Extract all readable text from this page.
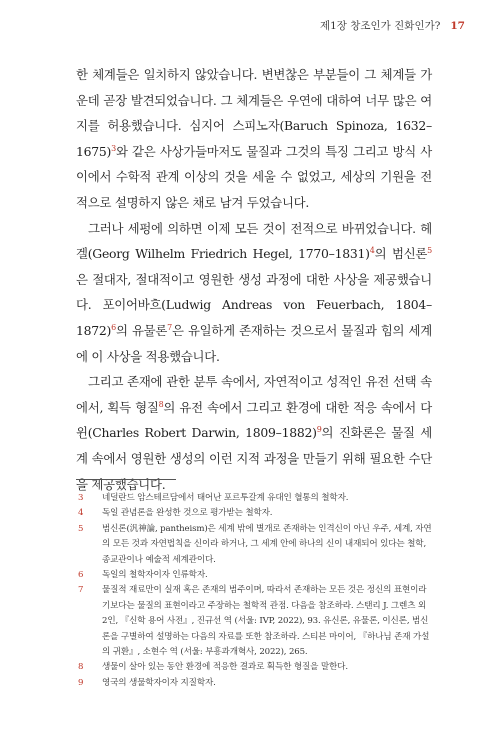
제1장 창조인가 진화인가? 17

한 체계들은 일치하지 않았습니다. 변변찮은 부분들이 그 체계들 가운데 곧장 발견되었습니다. 그 체계들은 우연에 대하여 너무 많은 여지를 허용했습니다. 심지어 스피노자(Baruch Spinoza, 1632–1675)$^3$와 같은 사상가들마저도 물질과 그것의 특징 그리고 방식 사이에서 수학적 관계 이상의 것을 세울 수 없었고, 세상의 기원을 전적으로 설명하지 않은 채로 남겨 두었습니다.

그러나 세펑에 의하면 이제 모든 것이 전적으로 바뀌었습니다. 헤겔(Georg Wilhelm Friedrich Hegel, 1770–1831)$^4$의 범신론$^5$은 절대자, 절대적이고 영원한 생성 과정에 대한 사상을 제공했습니다. 포이어바흐(Ludwig Andreas von Feuerbach, 1804–1872)$^6$의 유물론$^7$은 유일하게 존재하는 것으로서 물질과 힘의 세계에 이 사상을 적용했습니다.

그리고 존재에 관한 분투 속에서, 자연적이고 성적인 유전 선택 속에서, 획득 형질$^8$의 유전 속에서 그리고 환경에 대한 적응 속에서 다윈(Charles Robert Darwin, 1809–1882)$^9$의 진화론은 물질 세계 속에서 영원한 생성의 이런 지적 과정을 만들기 위해 필요한 수단을 제공했습니다.

3	네덜란드 암스테르담에서 태어난 포르투갈계 유대인 혈통의 철학자.
4	독일 관념론을 완성한 것으로 평가받는 철학자.
5	범신론(汎神論, pantheism)은 세계 밖에 별개로 존재하는 인격신이 아닌 우주, 세계, 자연의 모든 것과 자연법칙을 신이라 하거나, 그 세계 안에 하나의 신이 내재되어 있다는 철학, 종교관이나 예술적 세계관이다.
6	독일의 철학자이자 인류학자.
7	물질적 재료만이 실재 혹은 존재의 범주이며, 따라서 존재하는 모든 것은 정신의 표현이라기보다는 물질의 표현이라고 주장하는 철학적 관점. 다음을 참조하라. 스탠리 J. 그렌츠 외 2인, 『신학 용어 사전』, 진규선 역 (서울: IVP, 2022), 93. 유신론, 유물론, 이신론, 범신론을 구별하여 설명하는 다음의 자료를 또한 참조하라. 스티븐 마이어, 『하나님 존재 가설의 귀환』, 소현수 역 (서울: 부흥과개혁사, 2022), 265.
8	생물이 살아 있는 동안 환경에 적응한 결과로 획득한 형질을 말한다.
9	영국의 생물학자이자 지질학자.
